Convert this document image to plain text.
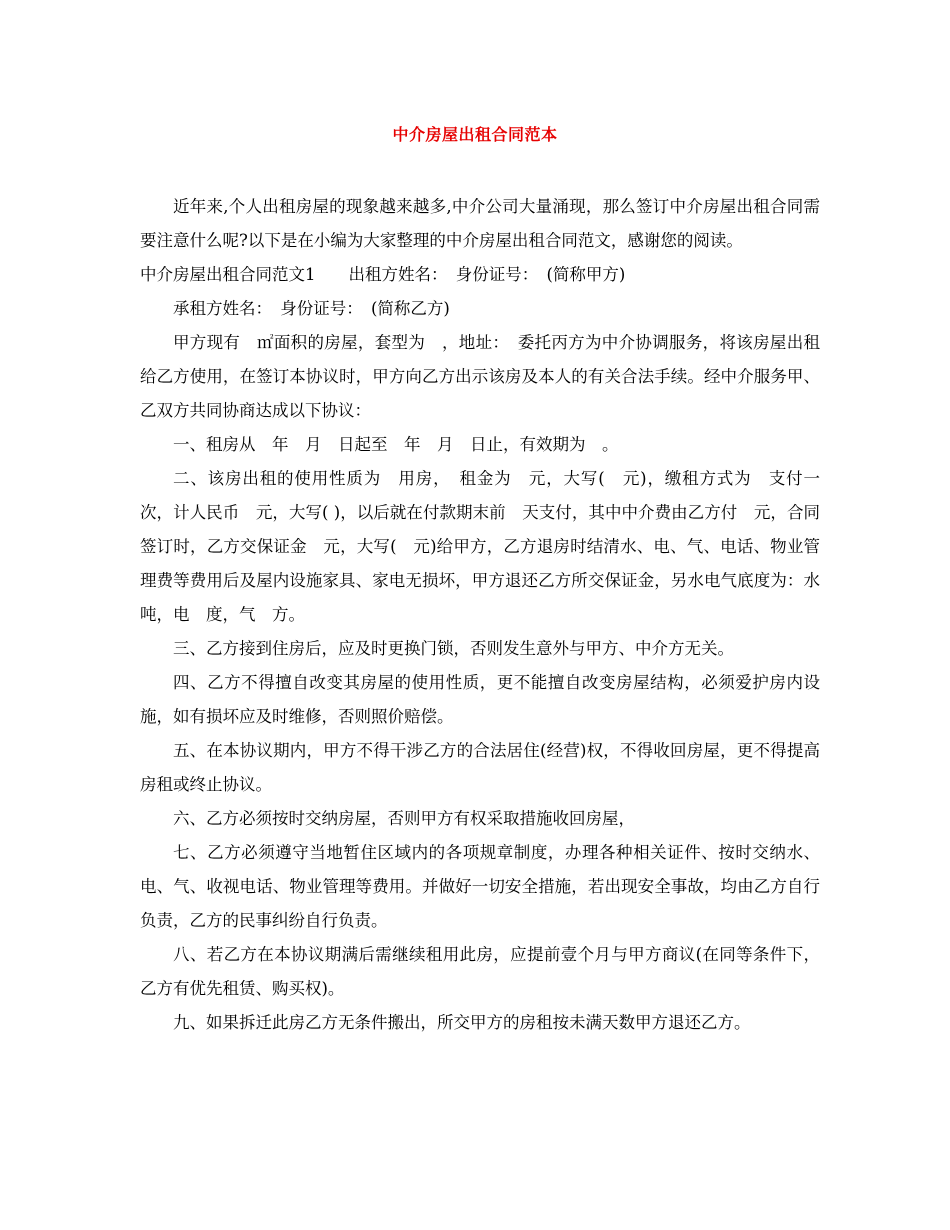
中介房屋出租合同范本

近年来,个人出租房屋的现象越来越多,中介公司大量涌现，那么签订中介房屋出租合同需要注意什么呢?以下是在小编为大家整理的中介房屋出租合同范文，感谢您的阅读。

中介房屋出租合同范文1　　出租方姓名：　身份证号：　(简称甲方)

承租方姓名：　身份证号：　(简称乙方)

甲方现有　㎡面积的房屋，套型为　，地址：　委托丙方为中介协调服务，将该房屋出租给乙方使用，在签订本协议时，甲方向乙方出示该房及本人的有关合法手续。经中介服务甲、乙双方共同协商达成以下协议：

一、租房从　年　月　日起至　年　月　日止，有效期为　。

二、该房出租的使用性质为　用房，　租金为　元，大写(　元)，缴租方式为　支付一次，计人民币　元，大写( )，以后就在付款期末前　天支付，其中中介费由乙方付　元，合同签订时，乙方交保证金　元，大写(　元)给甲方，乙方退房时结清水、电、气、电话、物业管理费等费用后及屋内设施家具、家电无损坏，甲方退还乙方所交保证金，另水电气底度为：水　吨，电　度，气　方。

三、乙方接到住房后，应及时更换门锁，否则发生意外与甲方、中介方无关。

四、乙方不得擅自改变其房屋的使用性质，更不能擅自改变房屋结构，必须爱护房内设施，如有损坏应及时维修，否则照价赔偿。

五、在本协议期内，甲方不得干涉乙方的合法居住(经营)权，不得收回房屋，更不得提高房租或终止协议。

六、乙方必须按时交纳房屋，否则甲方有权采取措施收回房屋，

七、乙方必须遵守当地暂住区域内的各项规章制度，办理各种相关证件、按时交纳水、电、气、收视电话、物业管理等费用。并做好一切安全措施，若出现安全事故，均由乙方自行负责，乙方的民事纠纷自行负责。

八、若乙方在本协议期满后需继续租用此房，应提前壹个月与甲方商议(在同等条件下，乙方有优先租赁、购买权)。

九、如果拆迁此房乙方无条件搬出，所交甲方的房租按未满天数甲方退还乙方。
